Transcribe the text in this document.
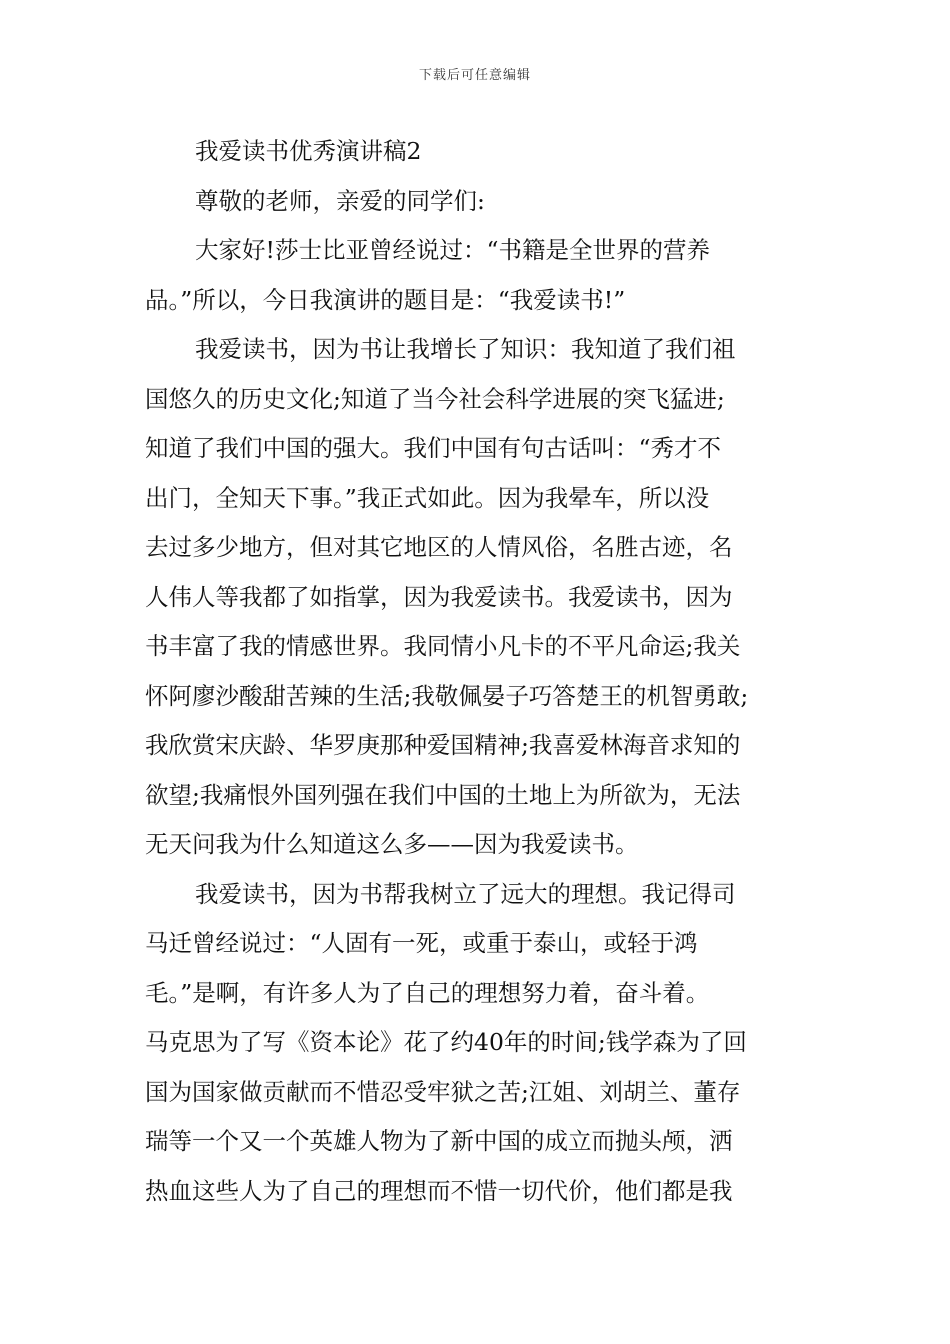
下载后可任意编辑

我爱读书优秀演讲稿2

尊敬的老师，亲爱的同学们:

大家好!莎士比亚曾经说过：“书籍是全世界的营养
品。”所以，今日我演讲的题目是：“我爱读书!”

我爱读书，因为书让我增长了知识：我知道了我们祖
国悠久的历史文化;知道了当今社会科学进展的突飞猛进;
知道了我们中国的强大。我们中国有句古话叫：“秀才不
出门，全知天下事。”我正式如此。因为我晕车，所以没
去过多少地方，但对其它地区的人情风俗，名胜古迹，名
人伟人等我都了如指掌，因为我爱读书。我爱读书，因为
书丰富了我的情感世界。我同情小凡卡的不平凡命运;我关
怀阿廖沙酸甜苦辣的生活;我敬佩晏子巧答楚王的机智勇敢;
我欣赏宋庆龄、华罗庚那种爱国精神;我喜爱林海音求知的
欲望;我痛恨外国列强在我们中国的土地上为所欲为，无法
无天问我为什么知道这么多——因为我爱读书。

我爱读书，因为书帮我树立了远大的理想。我记得司
马迁曾经说过：“人固有一死，或重于泰山，或轻于鸿
毛。”是啊，有许多人为了自己的理想努力着，奋斗着。
马克思为了写《资本论》花了约40年的时间;钱学森为了回
国为国家做贡献而不惜忍受牢狱之苦;江姐、刘胡兰、董存
瑞等一个又一个英雄人物为了新中国的成立而抛头颅，洒
热血这些人为了自己的理想而不惜一切代价，他们都是我
